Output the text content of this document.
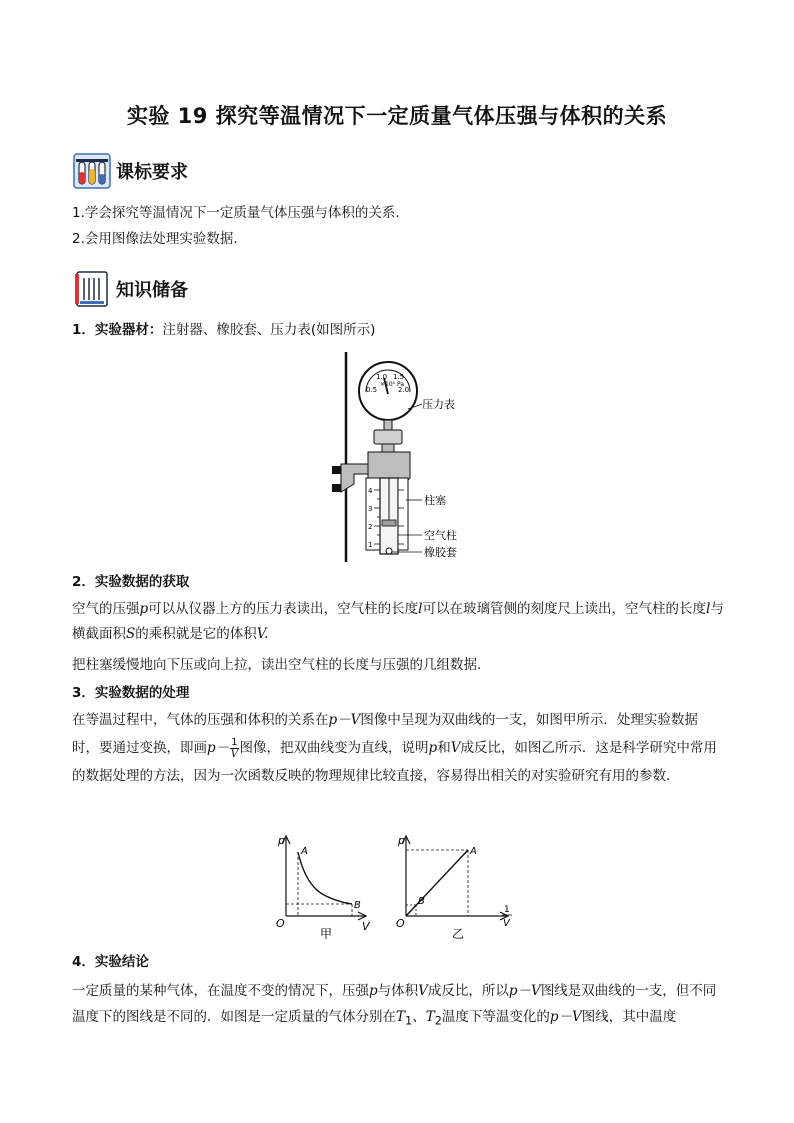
实验 19 探究等温情况下一定质量气体压强与体积的关系
课标要求
1.学会探究等温情况下一定质量气体压强与体积的关系.
2.会用图像法处理实验数据.
知识储备
1．实验器材：注射器、橡胶套、压力表(如图所示)
1.0 1.5
0.5	2.0
×10⁵ Pa
4
3
2
1
压力表
柱塞
空气柱
橡胶套
2．实验数据的获取
空气的压强p可以从仪器上方的压力表读出，空气柱的长度l可以在玻璃管侧的刻度尺上读出，空气柱的长度l与横截面积S的乘积就是它的体积V.
把柱塞缓慢地向下压或向上拉，读出空气柱的长度与压强的几组数据.
3．实验数据的处理
在等温过程中，气体的压强和体积的关系在p－V图像中呈现为双曲线的一支，如图甲所示．处理实验数据时，要通过变换，即画$p- \frac{1}{V}$ 图像，把双曲线变为直线，说明p和V成反比，如图乙所示．这是科学研究中常用的数据处理的方法，因为一次函数反映的物理规律比较直接，容易得出相关的对实验研究有用的参数．
p
V
O
A
B
甲
p
1
V
O
A
B
乙
4．实验结论
一定质量的某种气体，在温度不变的情况下，压强p与体积V成反比，所以p－V图线是双曲线的一支，但不同温度下的图线是不同的．如图是一定质量的气体分别在$T_1$、$T_2$温度下等温变化的p－V图线，其中温度
